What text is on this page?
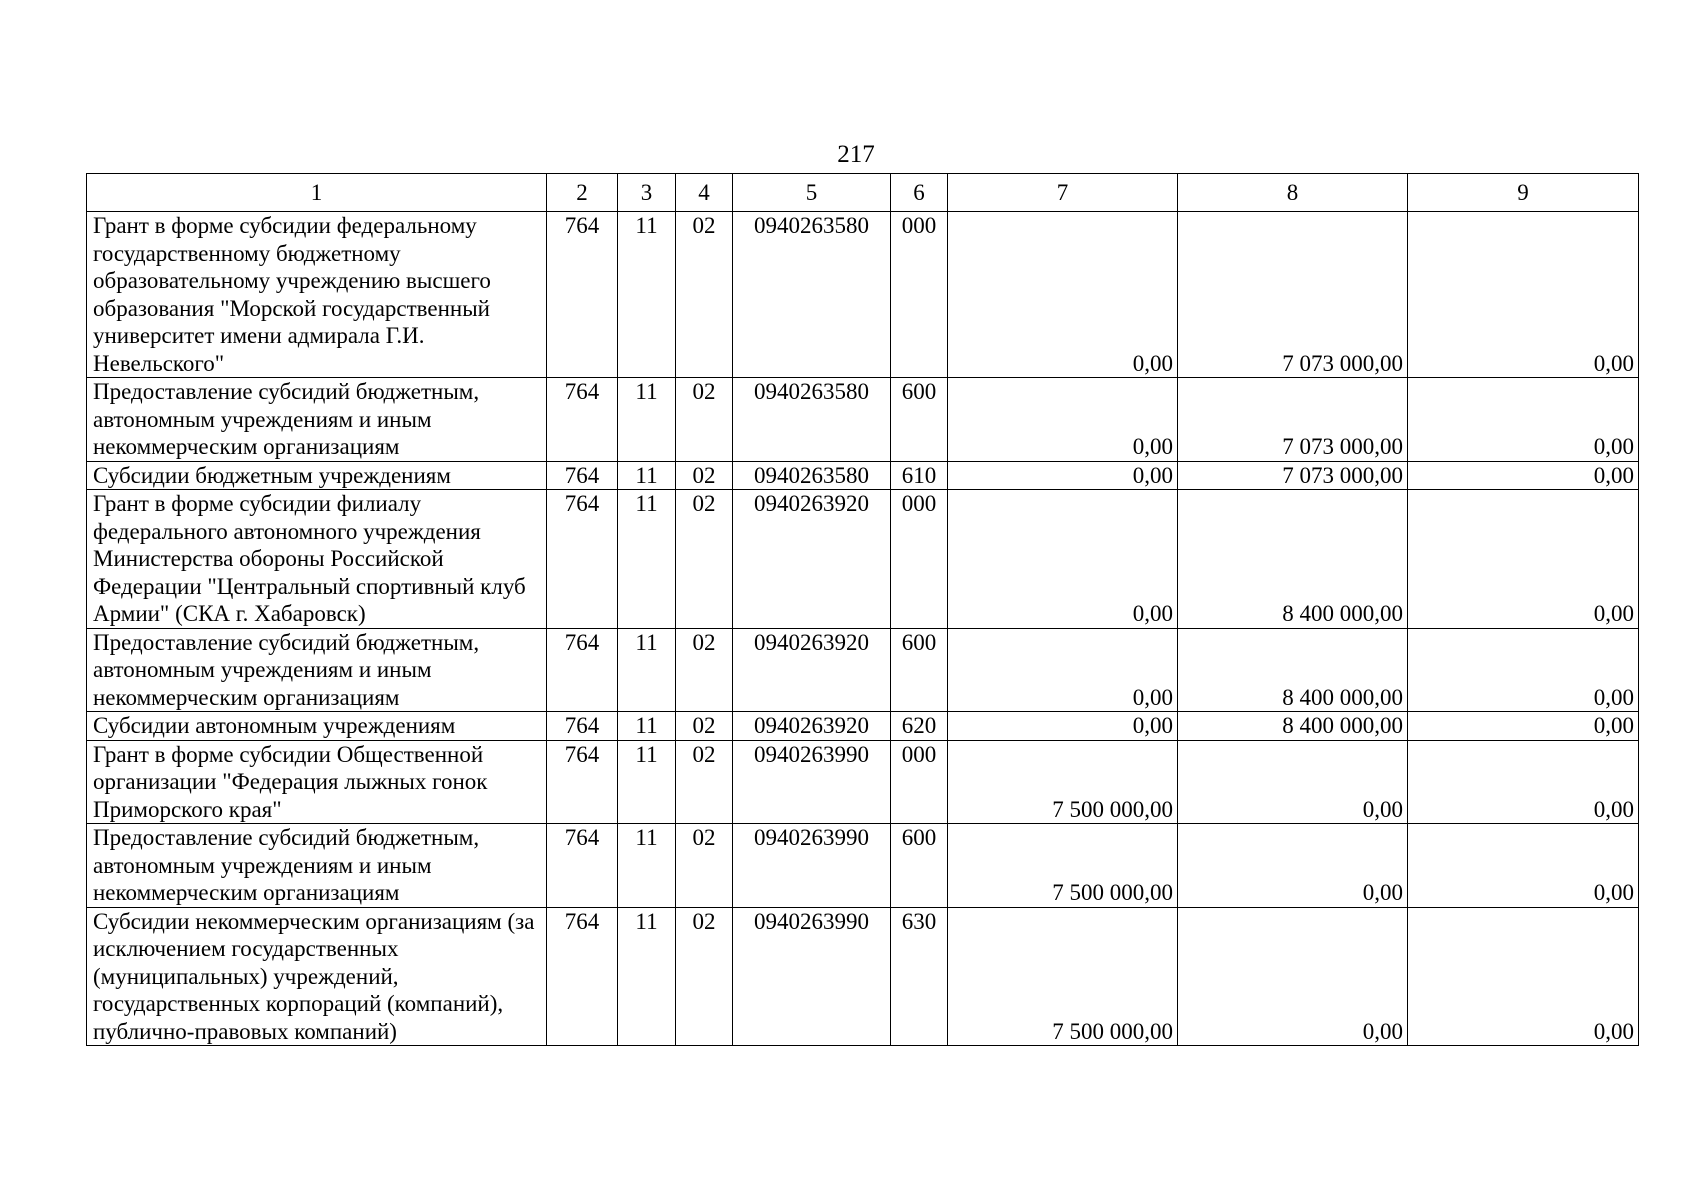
217
1	2	3	4	5	6	7	8	9
Грант в форме субсидии федеральному государственному бюджетному образовательному учреждению высшего образования "Морской государственный университет имени адмирала Г.И. Невельского"	764	11	02	0940263580	000	0,00	7 073 000,00	0,00
Предоставление субсидий бюджетным, автономным учреждениям и иным некоммерческим организациям	764	11	02	0940263580	600	0,00	7 073 000,00	0,00
Субсидии бюджетным учреждениям	764	11	02	0940263580	610	0,00	7 073 000,00	0,00
Грант в форме субсидии филиалу федерального автономного учреждения Министерства обороны Российской Федерации "Центральный спортивный клуб Армии" (СКА г. Хабаровск)	764	11	02	0940263920	000	0,00	8 400 000,00	0,00
Предоставление субсидий бюджетным, автономным учреждениям и иным некоммерческим организациям	764	11	02	0940263920	600	0,00	8 400 000,00	0,00
Субсидии автономным учреждениям	764	11	02	0940263920	620	0,00	8 400 000,00	0,00
Грант в форме субсидии Общественной организации "Федерация лыжных гонок Приморского края"	764	11	02	0940263990	000	7 500 000,00	0,00	0,00
Предоставление субсидий бюджетным, автономным учреждениям и иным некоммерческим организациям	764	11	02	0940263990	600	7 500 000,00	0,00	0,00
Субсидии некоммерческим организациям (за исключением государственных (муниципальных) учреждений, государственных корпораций (компаний), публично-правовых компаний)	764	11	02	0940263990	630	7 500 000,00	0,00	0,00
